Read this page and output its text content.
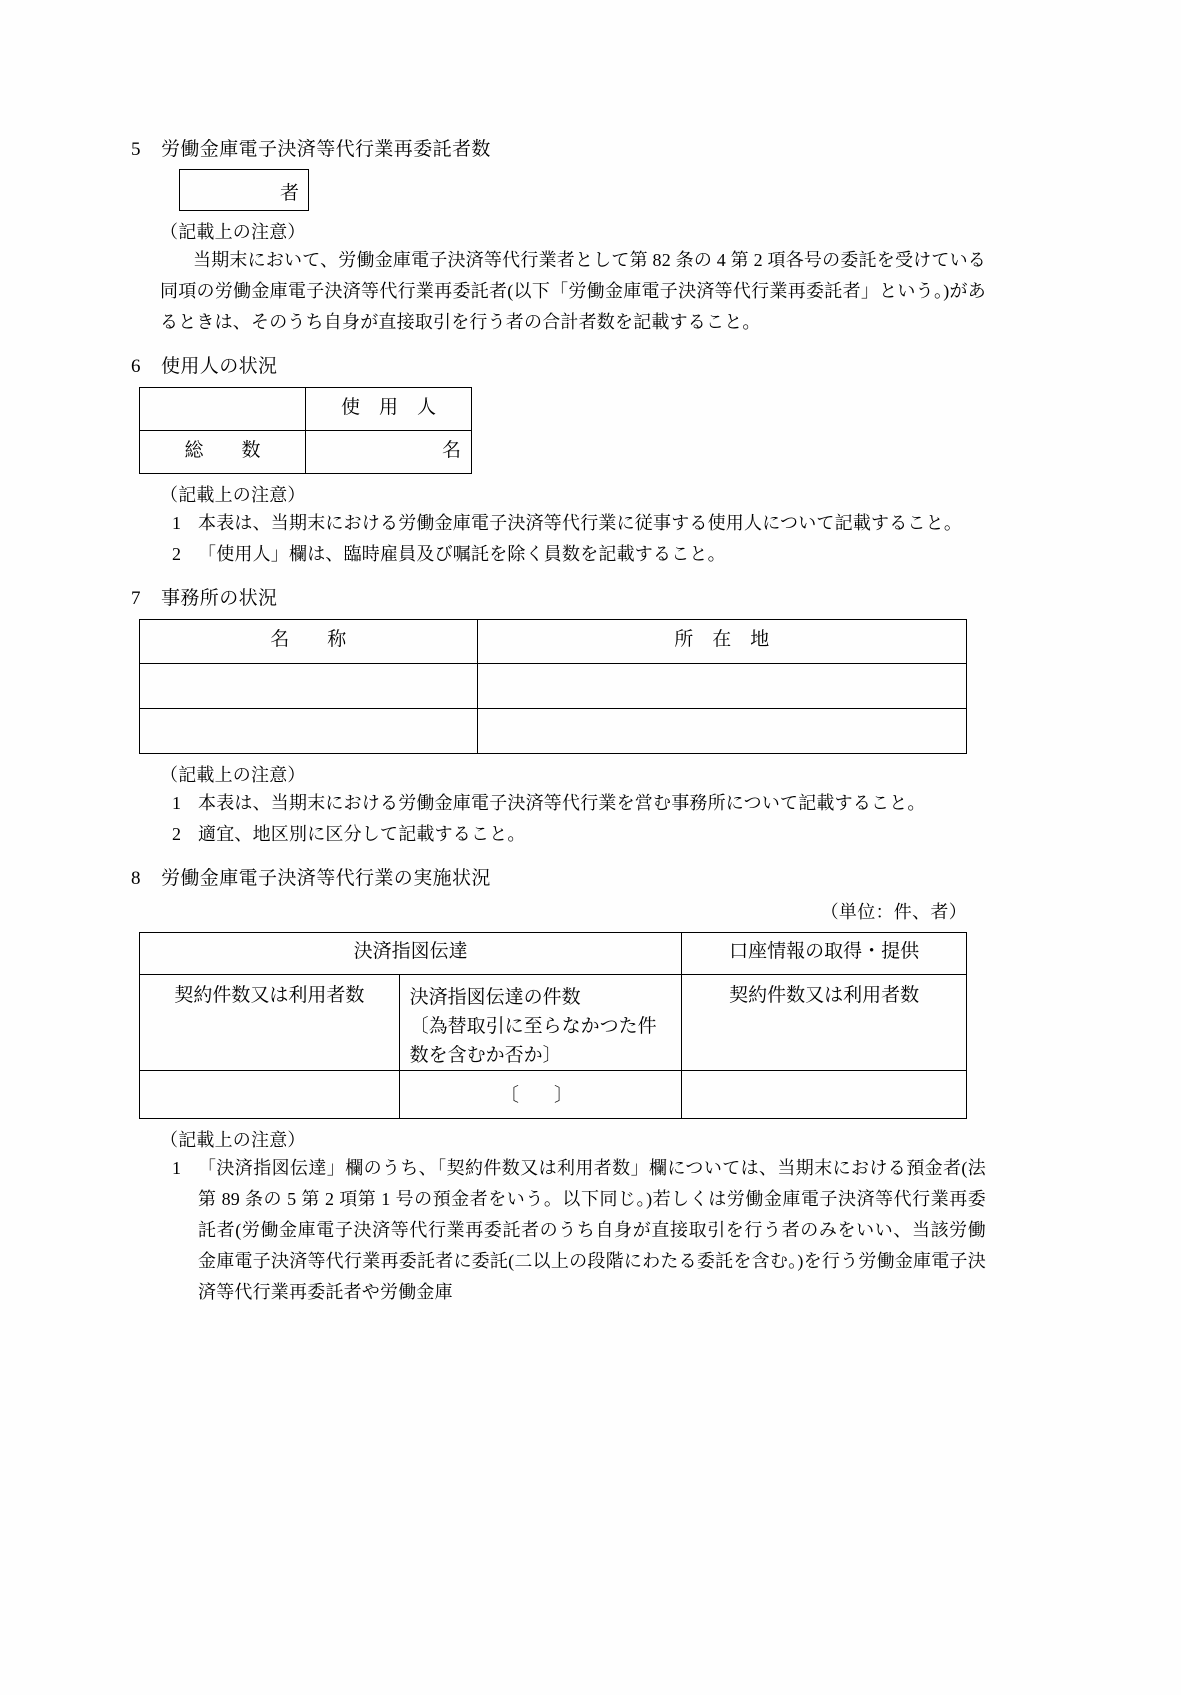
5	労働金庫電子決済等代行業再委託者数
者
（記載上の注意）
当期末において、労働金庫電子決済等代行業者として第 82 条の 4 第 2 項各号の委託を受けている同項の労働金庫電子決済等代行業再委託者(以下「労働金庫電子決済等代行業再委託者」という。)があるときは、そのうち自身が直接取引を行う者の合計者数を記載すること。
6	使用人の状況
	使　用　人
総　　数	名
（記載上の注意）
1 本表は、当期末における労働金庫電子決済等代行業に従事する使用人について記載すること。
2 「使用人」欄は、臨時雇員及び嘱託を除く員数を記載すること。
7	事務所の状況
名　　称	所　在　地

（記載上の注意）
1 本表は、当期末における労働金庫電子決済等代行業を営む事務所について記載すること。
2 適宜、地区別に区分して記載すること。
8	労働金庫電子決済等代行業の実施状況
（単位：件、者）
決済指図伝達		口座情報の取得・提供
契約件数又は利用者数	決済指図伝達の件数
〔為替取引に至らなかつた件
数を含むか否か〕	契約件数又は利用者数
	〔　〕	
（記載上の注意）
1 「決済指図伝達」欄のうち、「契約件数又は利用者数」欄については、当期末における預金者(法第 89 条の 5 第 2 項第 1 号の預金者をいう。以下同じ。)若しくは労働金庫電子決済等代行業再委託者(労働金庫電子決済等代行業再委託者のうち自身が直接取引を行う者のみをいい、当該労働金庫電子決済等代行業再委託者に委託(二以上の段階にわたる委託を含む。)を行う労働金庫電子決済等代行業再委託者や労働金庫
